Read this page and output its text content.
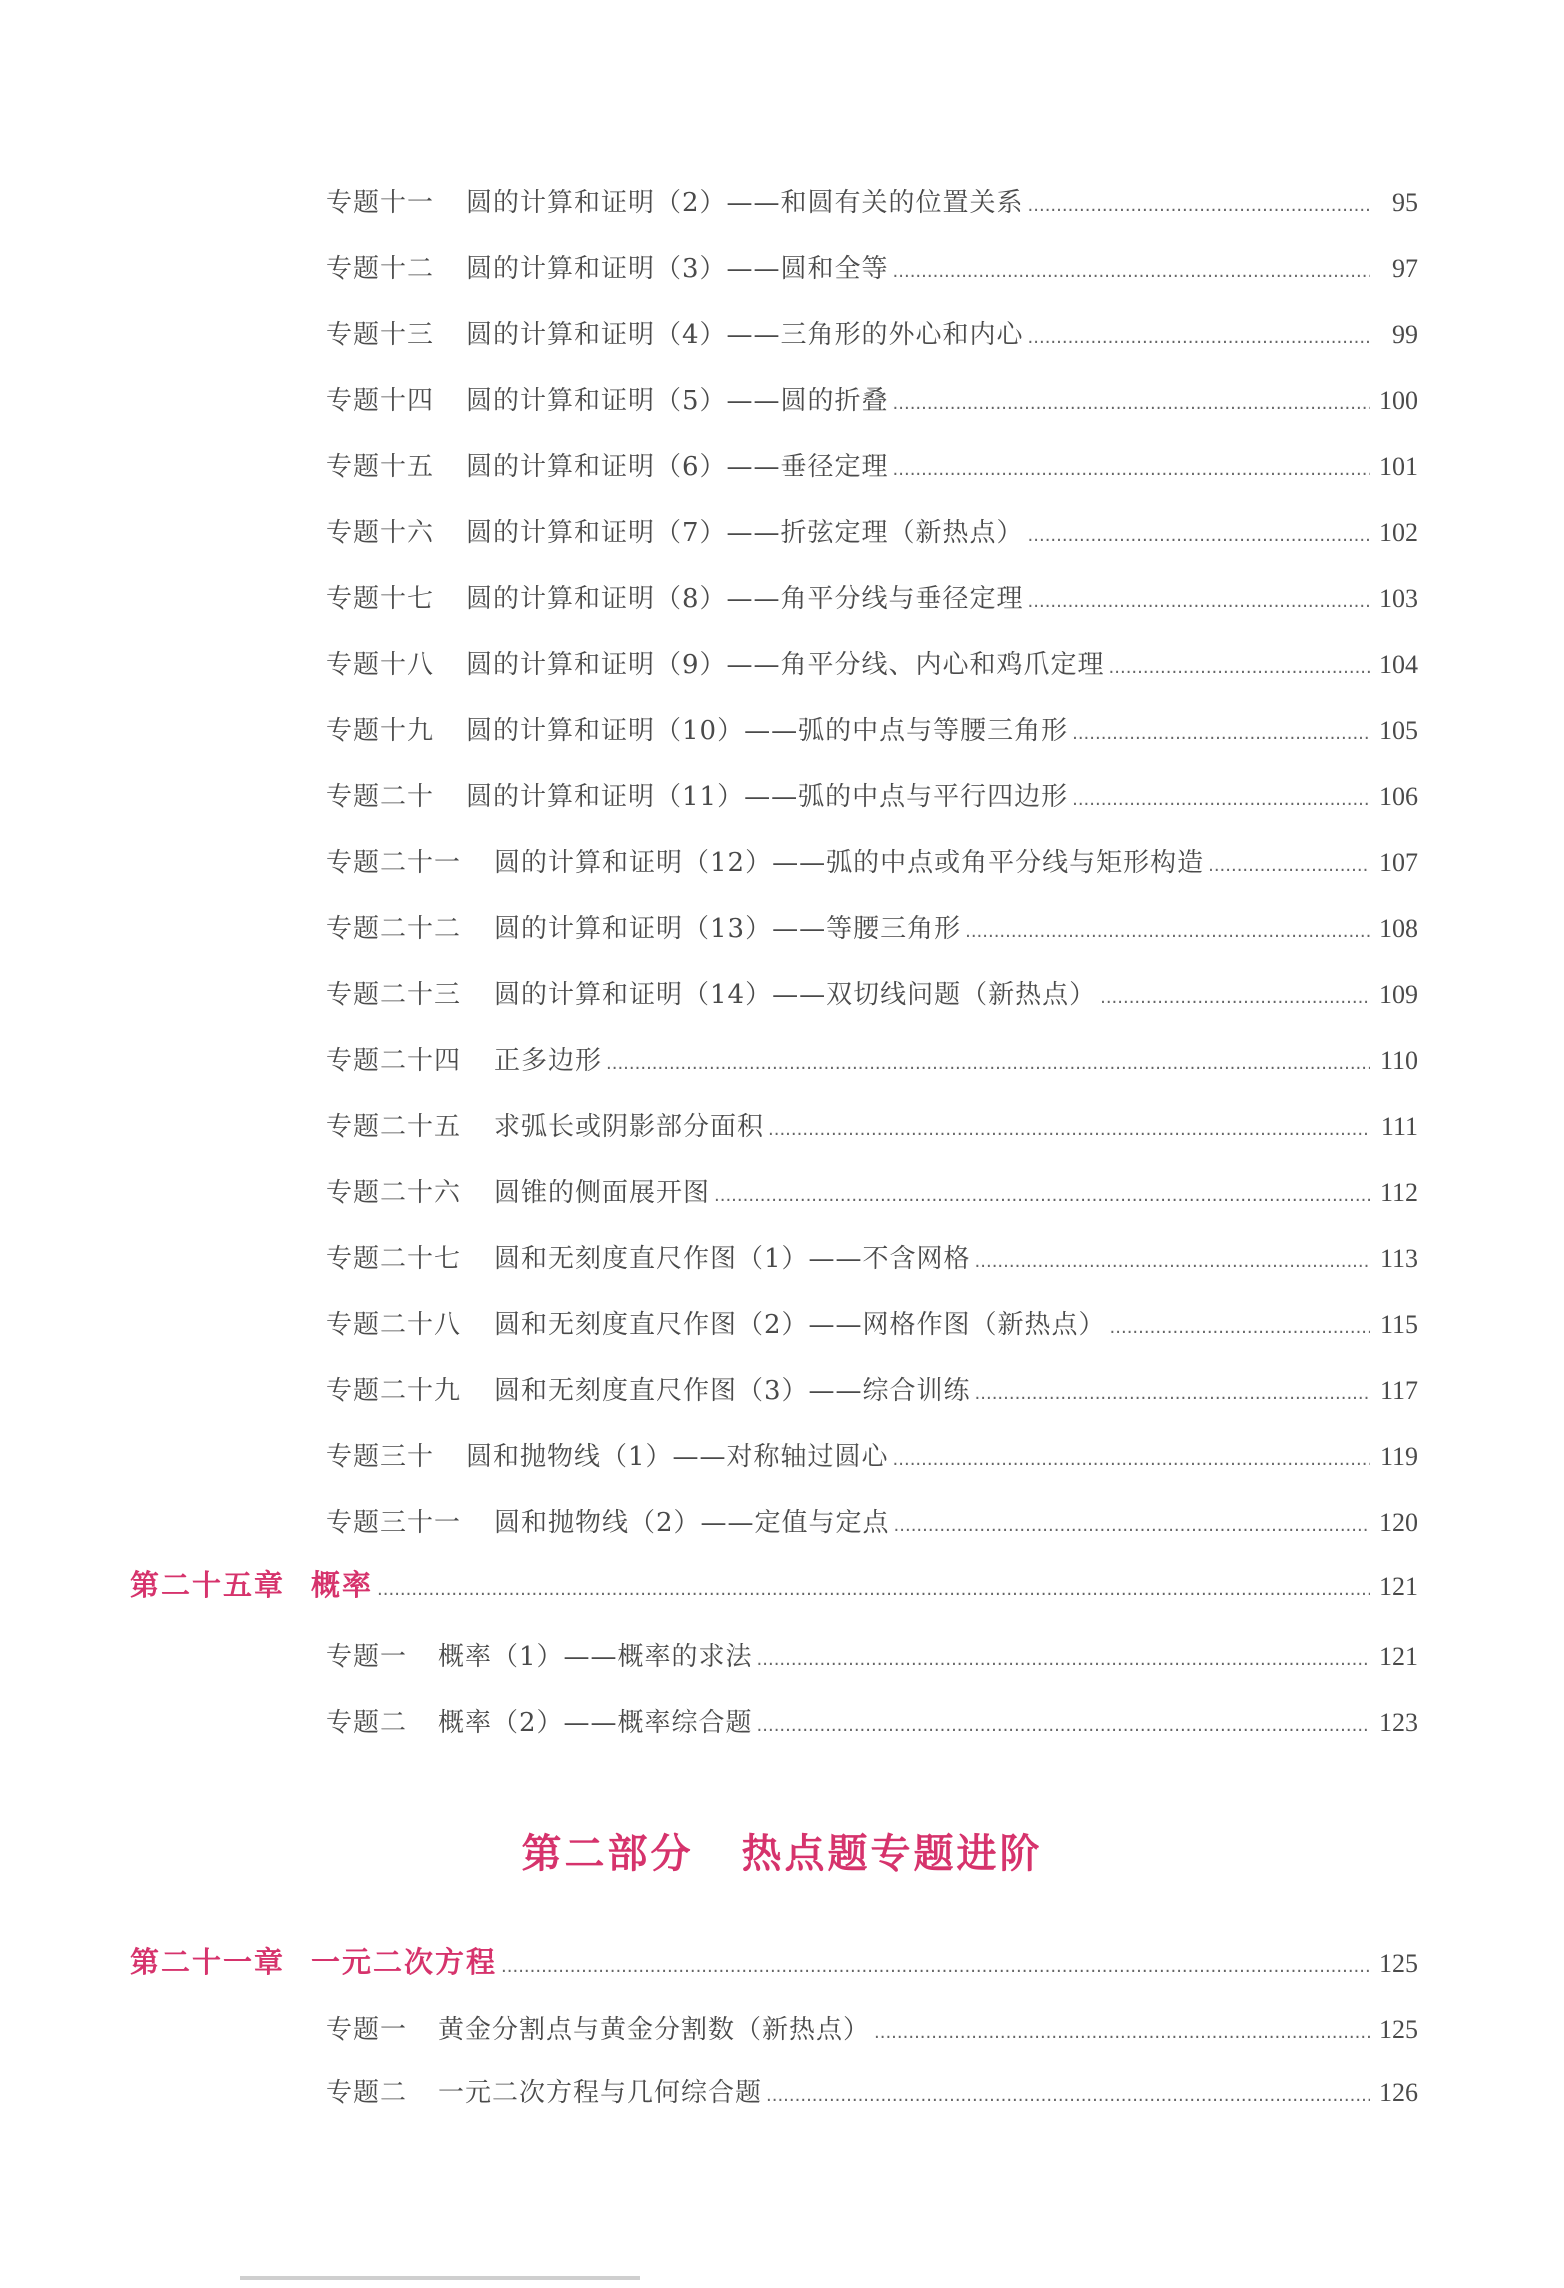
专题十一	圆的计算和证明（2）——和圆有关的位置关系 .....	95
专题十二	圆的计算和证明（3）——圆和全等 .....	97
专题十三	圆的计算和证明（4）——三角形的外心和内心 .....	99
专题十四	圆的计算和证明（5）——圆的折叠 .....	100
专题十五	圆的计算和证明（6）——垂径定理 .....	101
专题十六	圆的计算和证明（7）——折弦定理（新热点） .....	102
专题十七	圆的计算和证明（8）——角平分线与垂径定理 .....	103
专题十八	圆的计算和证明（9）——角平分线、内心和鸡爪定理 .....	104
专题十九	圆的计算和证明（10）——弧的中点与等腰三角形 .....	105
专题二十	圆的计算和证明（11）——弧的中点与平行四边形 .....	106
专题二十一	圆的计算和证明（12）——弧的中点或角平分线与矩形构造 .....	107
专题二十二	圆的计算和证明（13）——等腰三角形 .....	108
专题二十三	圆的计算和证明（14）——双切线问题（新热点） .....	109
专题二十四	正多边形 .....	110
专题二十五	求弧长或阴影部分面积 .....	111
专题二十六	圆锥的侧面展开图 .....	112
专题二十七	圆和无刻度直尺作图（1）——不含网格 .....	113
专题二十八	圆和无刻度直尺作图（2）——网格作图（新热点） .....	115
专题二十九	圆和无刻度直尺作图（3）——综合训练 .....	117
专题三十	圆和抛物线（1）——对称轴过圆心 .....	119
专题三十一	圆和抛物线（2）——定值与定点 .....	120
第二十五章 概率 .....	121
专题一	概率（1）——概率的求法 .....	121
专题二	概率（2）——概率综合题 .....	123
第二部分 热点题专题进阶
第二十一章 一元二次方程 .....	125
专题一	黄金分割点与黄金分割数（新热点） .....	125
专题二	一元二次方程与几何综合题 .....	126
